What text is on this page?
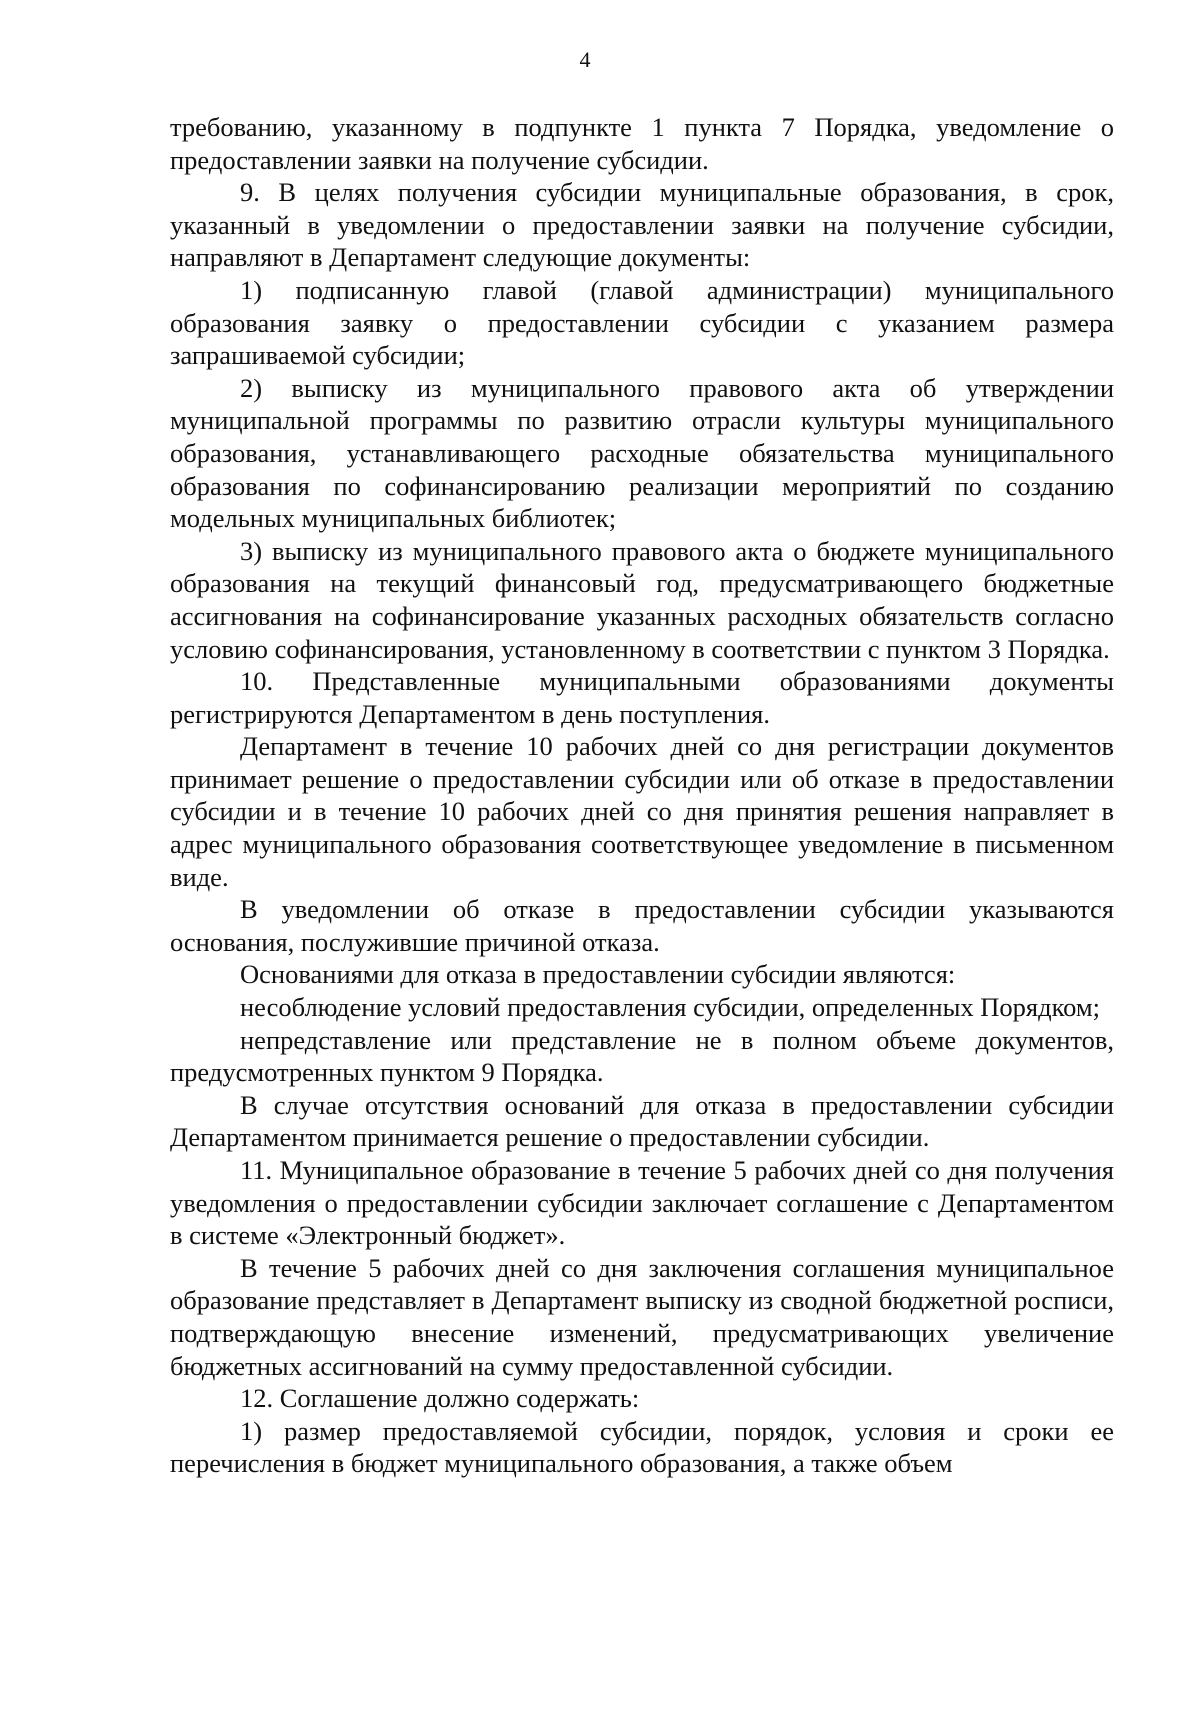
4

требованию, указанному в подпункте 1 пункта 7 Порядка, уведомление о предоставлении заявки на получение субсидии.

9. В целях получения субсидии муниципальные образования, в срок, указанный в уведомлении о предоставлении заявки на получение субсидии, направляют в Департамент следующие документы:

1) подписанную главой (главой администрации) муниципального образования заявку о предоставлении субсидии с указанием размера запрашиваемой субсидии;

2) выписку из муниципального правового акта об утверждении муниципальной программы по развитию отрасли культуры муниципального образования, устанавливающего расходные обязательства муниципального образования по софинансированию реализации мероприятий по созданию модельных муниципальных библиотек;

3) выписку из муниципального правового акта о бюджете муниципального образования на текущий финансовый год, предусматривающего бюджетные ассигнования на софинансирование указанных расходных обязательств согласно условию софинансирования, установленному в соответствии с пунктом 3 Порядка.

10. Представленные муниципальными образованиями документы регистрируются Департаментом в день поступления.

Департамент в течение 10 рабочих дней со дня регистрации документов принимает решение о предоставлении субсидии или об отказе в предоставлении субсидии и в течение 10 рабочих дней со дня принятия решения направляет в адрес муниципального образования соответствующее уведомление в письменном виде.

В уведомлении об отказе в предоставлении субсидии указываются основания, послужившие причиной отказа.

Основаниями для отказа в предоставлении субсидии являются:

несоблюдение условий предоставления субсидии, определенных Порядком;

непредставление или представление не в полном объеме документов, предусмотренных пунктом 9 Порядка.

В случае отсутствия оснований для отказа в предоставлении субсидии Департаментом принимается решение о предоставлении субсидии.

11. Муниципальное образование в течение 5 рабочих дней со дня получения уведомления о предоставлении субсидии заключает соглашение с Департаментом в системе «Электронный бюджет».

В течение 5 рабочих дней со дня заключения соглашения муниципальное образование представляет в Департамент выписку из сводной бюджетной росписи, подтверждающую внесение изменений, предусматривающих увеличение бюджетных ассигнований на сумму предоставленной субсидии.

12. Соглашение должно содержать:

1) размер предоставляемой субсидии, порядок, условия и сроки ее перечисления в бюджет муниципального образования, а также объем
